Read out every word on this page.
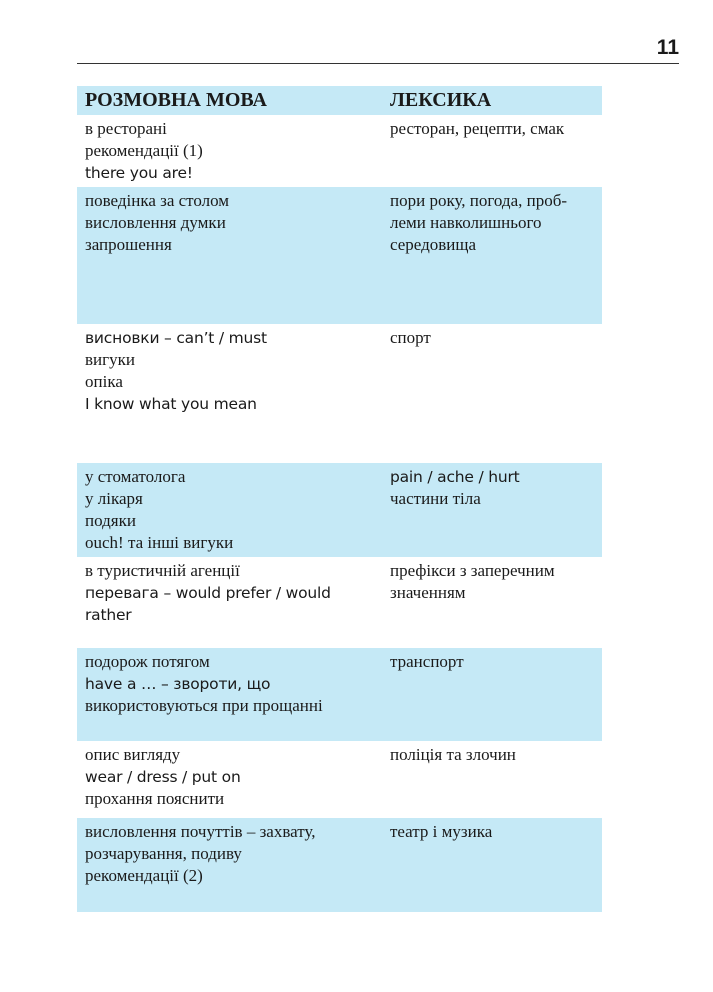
11
РОЗМОВНА МОВА	ЛЕКСИКА
в ресторані
рекомендації (1)
there you are!
ресторан, рецепти, смак
поведінка за столом
висловлення думки
запрошення
пори року, погода, проб-
леми навколишнього
середовища
висновки – can’t / must
вигуки
опіка
I know what you mean
спорт
у стоматолога
у лікаря
подяки
ouch! та інші вигуки
pain / ache / hurt
частини тіла
в туристичній агенції
перевага – would prefer / would
rather
префікси з заперечним
значенням
подорож потягом
have a … – звороти, що
використовуються при прощанні
транспорт
опис вигляду
wear / dress / put on
прохання пояснити
поліція та злочин
висловлення почуттів – захвату,
розчарування, подиву
рекомендації (2)
театр і музика
